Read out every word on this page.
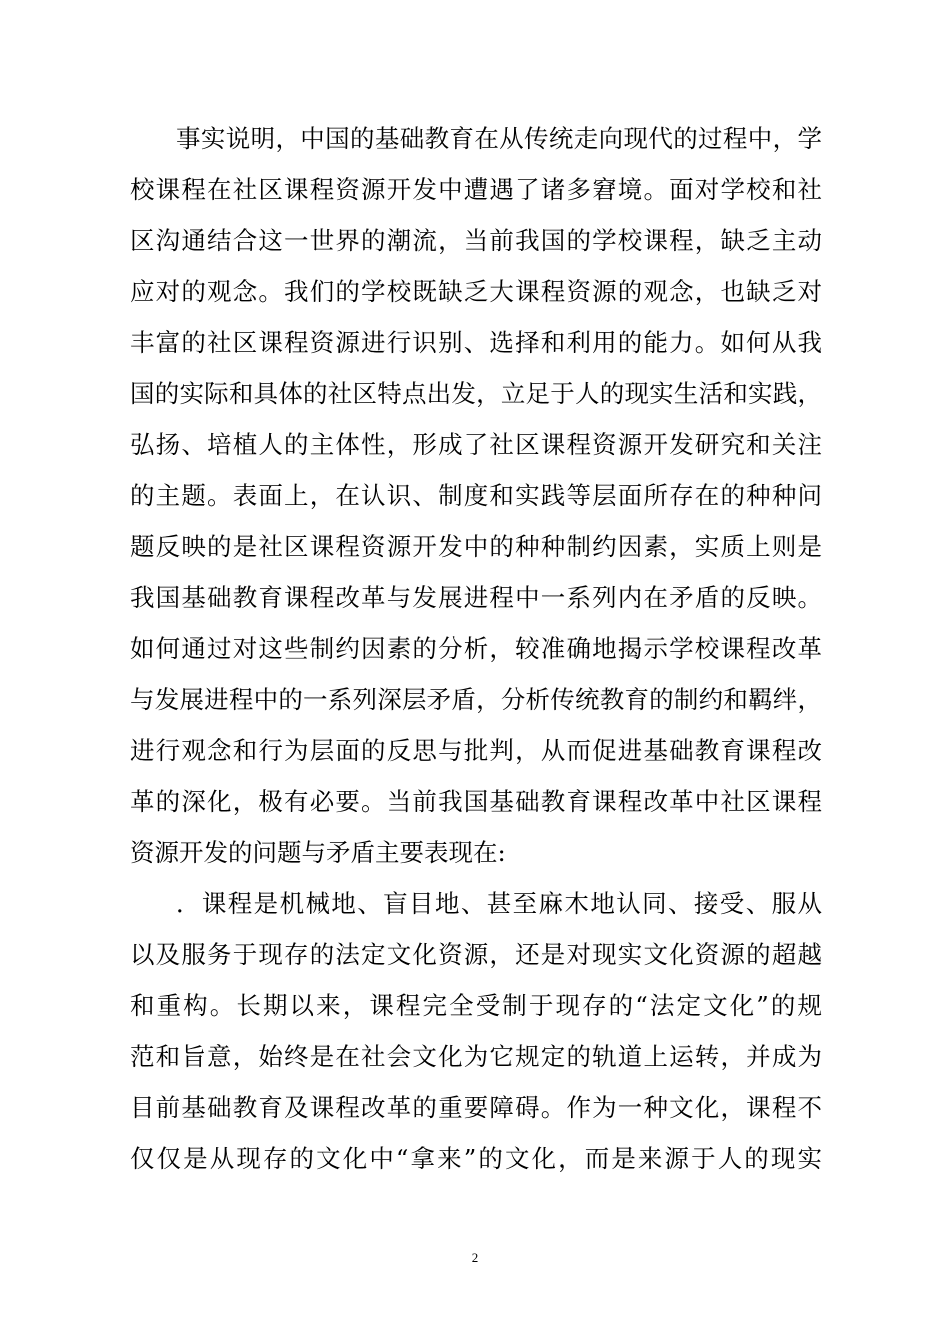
事实说明，中国的基础教育在从传统走向现代的过程中，学
校课程在社区课程资源开发中遭遇了诸多窘境。面对学校和社
区沟通结合这一世界的潮流，当前我国的学校课程，缺乏主动
应对的观念。我们的学校既缺乏大课程资源的观念，也缺乏对
丰富的社区课程资源进行识别、选择和利用的能力。如何从我
国的实际和具体的社区特点出发，立足于人的现实生活和实践，
弘扬、培植人的主体性，形成了社区课程资源开发研究和关注
的主题。表面上，在认识、制度和实践等层面所存在的种种问
题反映的是社区课程资源开发中的种种制约因素，实质上则是
我国基础教育课程改革与发展进程中一系列内在矛盾的反映。
如何通过对这些制约因素的分析，较准确地揭示学校课程改革
与发展进程中的一系列深层矛盾，分析传统教育的制约和羁绊，
进行观念和行为层面的反思与批判，从而促进基础教育课程改
革的深化，极有必要。当前我国基础教育课程改革中社区课程
资源开发的问题与矛盾主要表现在:
．课程是机械地、盲目地、甚至麻木地认同、接受、服从
以及服务于现存的法定文化资源，还是对现实文化资源的超越
和重构。长期以来，课程完全受制于现存的“法定文化”的规
范和旨意，始终是在社会文化为它规定的轨道上运转，并成为
目前基础教育及课程改革的重要障碍。作为一种文化，课程不
仅仅是从现存的文化中“拿来”的文化，而是来源于人的现实
2
